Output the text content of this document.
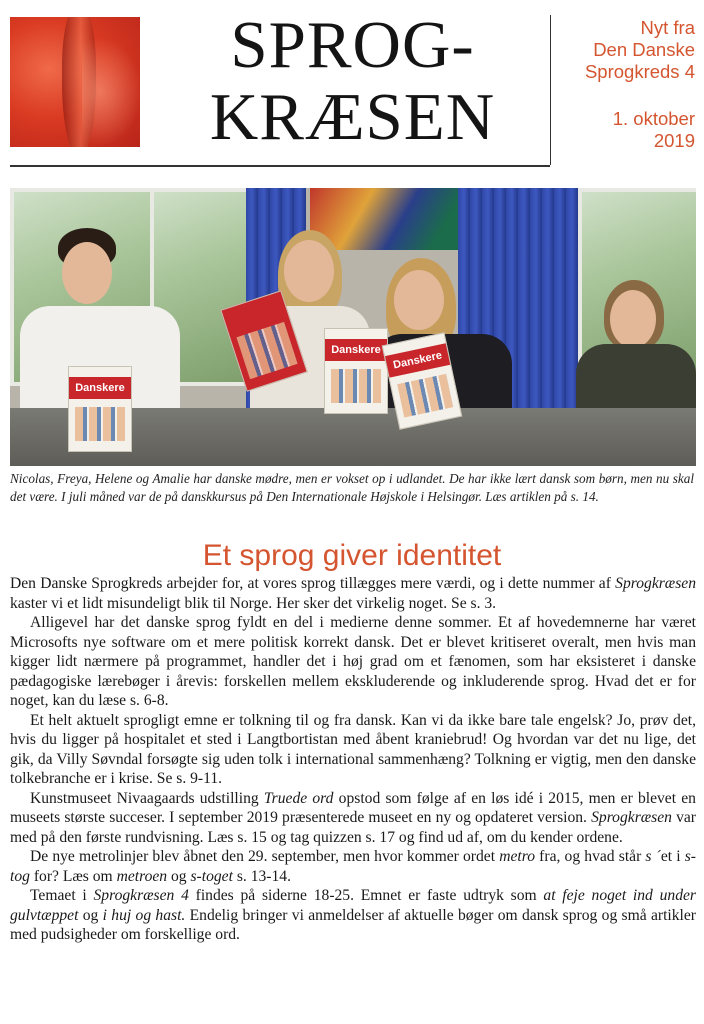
SPROG-
KRÆSEN
Nyt fra
Den Danske
Sprogkreds 4
1. oktober
2019
Danskere
Danskere	Danskere
Nicolas, Freya, Helene og Amalie har danske mødre, men er vokset op i udlandet. De har ikke lært dansk som børn, men nu skal det være. I juli måned var de på danskkursus på Den Internationale Højskole i Helsingør. Læs artiklen på s. 14.
Et sprog giver identitet

Den Danske Sprogkreds arbejder for, at vores sprog tillægges mere værdi, og i dette nummer af Sprogkræsen kaster vi et lidt misundeligt blik til Norge. Her sker det virkelig noget. Se s. 3.

Alligevel har det danske sprog fyldt en del i medierne denne sommer. Et af hovedemnerne har været Microsofts nye software om et mere politisk korrekt dansk. Det er blevet kritiseret overalt, men hvis man kigger lidt nærmere på programmet, handler det i høj grad om et fænomen, som har eksisteret i danske pædagogiske lærebøger i årevis: forskellen mellem ekskluderende og inkluderende sprog. Hvad det er for noget, kan du læse s. 6-8.

Et helt aktuelt sprogligt emne er tolkning til og fra dansk. Kan vi da ikke bare tale engelsk? Jo, prøv det, hvis du ligger på hospitalet et sted i Langtbortistan med åbent kraniebrud! Og hvordan var det nu lige, det gik, da Villy Søvndal forsøgte sig uden tolk i international sammenhæng? Tolkning er vigtig, men den danske tolkebranche er i krise. Se s. 9-11.

Kunstmuseet Nivaagaards udstilling Truede ord opstod som følge af en løs idé i 2015, men er blevet en museets største succeser. I september 2019 præsenterede museet en ny og opdateret version. Sprogkræsen var med på den første rundvisning. Læs s. 15 og tag quizzen s. 17 og find ud af, om du kender ordene.

De nye metrolinjer blev åbnet den 29. september, men hvor kommer ordet metro fra, og hvad står s ´et i s-tog for? Læs om metroen og s-toget s. 13-14.

Temaet i Sprogkræsen 4 findes på siderne 18-25. Emnet er faste udtryk som at feje noget ind under gulvtæppet og i huj og hast. Endelig bringer vi anmeldelser af aktuelle bøger om dansk sprog og små artikler med pudsigheder om forskellige ord.
